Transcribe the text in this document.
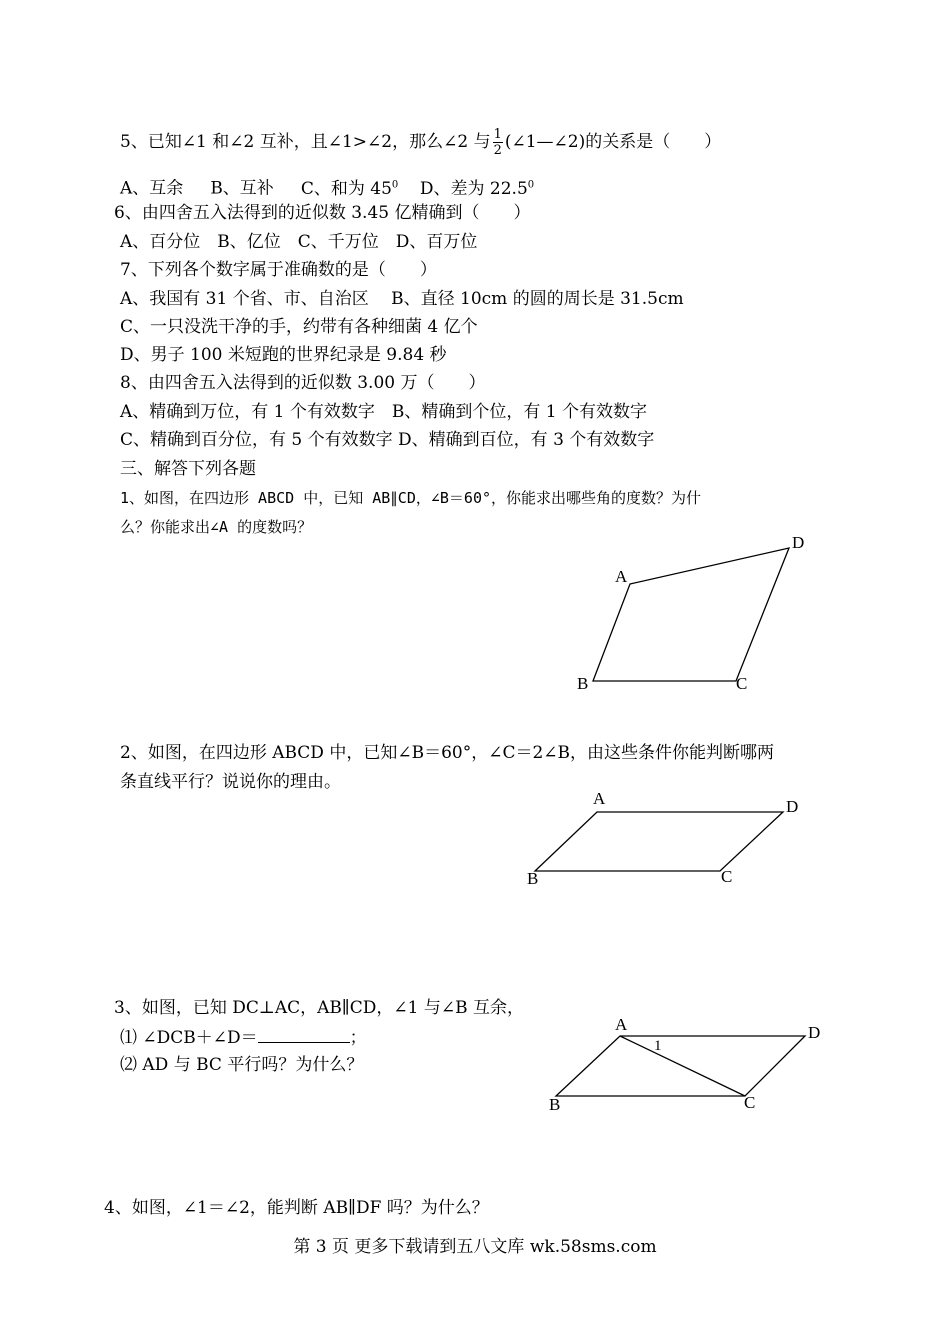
5、已知∠1 和∠2 互补，且∠1>∠2，那么∠2 与 $\frac{1}{2}$ (∠1—∠2)的关系是（　　）
A、互余 B、互补 C、和为 $45^0$ D、差为 22.5$^0$
6、由四舍五入法得到的近似数 3.45 亿精确到（　　）
A、百分位　B、亿位　C、千万位　D、百万位
7、下列各个数字属于准确数的是（　　）
A、我国有 31 个省、市、自治区　 B、直径 10cm 的圆的周长是 31.5cm
C、一只没洗干净的手，约带有各种细菌 4 亿个
D、男子 100 米短跑的世界纪录是 9.84 秒
8、由四舍五入法得到的近似数 3.00 万（　　）
A、精确到万位，有 1 个有效数字　B、精确到个位，有 1 个有效数字
C、精确到百分位，有 5 个有效数字 D、精确到百位，有 3 个有效数字
三、解答下列各题
1、如图，在四边形 ABCD 中，已知 AB∥CD，∠B＝60°，你能求出哪些角的度数？为什
么？你能求出∠A 的度数吗？
A
D
B	C
2、如图，在四边形 ABCD 中，已知∠B＝60°，∠C＝2∠B，由这些条件你能判断哪两
条直线平行？说说你的理由。
A	D
B	C
3、如图，已知 DC⊥AC，AB∥CD，∠1 与∠B 互余，
⑴ ∠DCB＋∠D＝	；
⑵ AD 与 BC 平行吗？为什么？
A	D
B	C
1
4、如图，∠1＝∠2，能判断 AB∥DF 吗？为什么？
第 3 页 更多下载请到五八文库 wk.58sms.com
